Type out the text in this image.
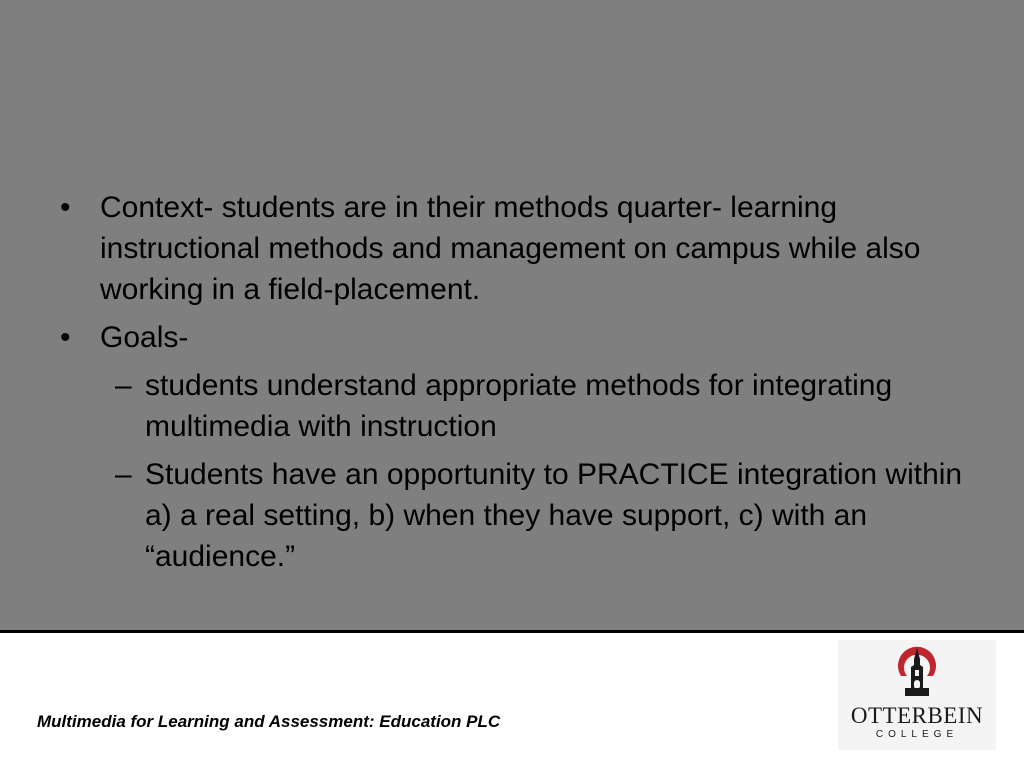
• Context- students are in their methods quarter- learning instructional methods and management on campus while also working in a field-placement.
• Goals-
– students understand appropriate methods for integrating multimedia with instruction
– Students have an opportunity to PRACTICE integration within a) a real setting, b) when they have support, c) with an “audience.”
Multimedia for Learning and Assessment: Education PLC	OTTERBEIN
COLLEGE
